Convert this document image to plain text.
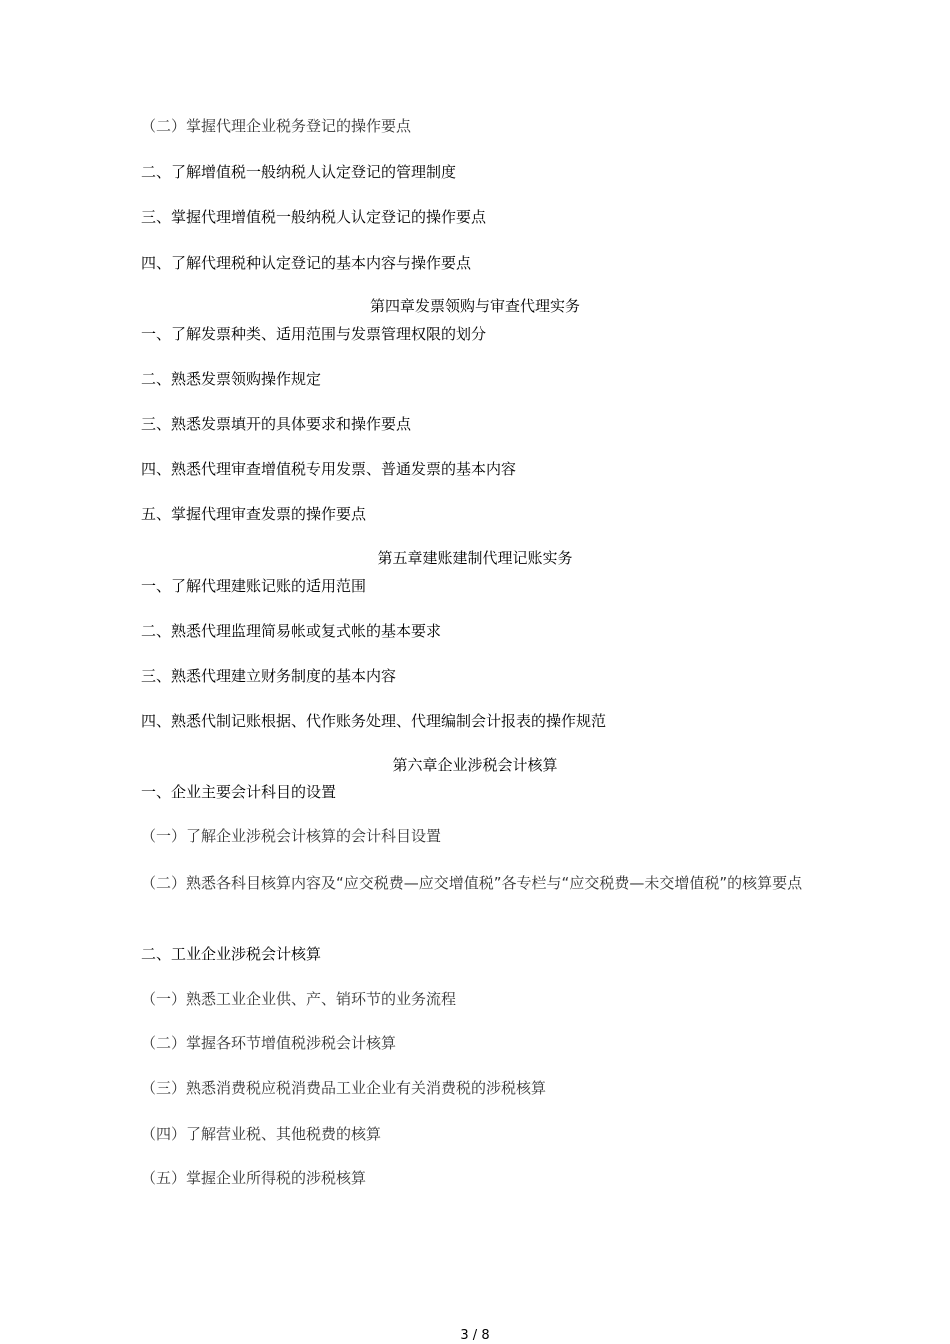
（二）掌握代理企业税务登记的操作要点
二、了解增值税一般纳税人认定登记的管理制度
三、掌握代理增值税一般纳税人认定登记的操作要点
四、了解代理税种认定登记的基本内容与操作要点
第四章发票领购与审查代理实务
一、了解发票种类、适用范围与发票管理权限的划分
二、熟悉发票领购操作规定
三、熟悉发票填开的具体要求和操作要点
四、熟悉代理审查增值税专用发票、普通发票的基本内容
五、掌握代理审查发票的操作要点
第五章建账建制代理记账实务
一、了解代理建账记账的适用范围
二、熟悉代理监理简易帐或复式帐的基本要求
三、熟悉代理建立财务制度的基本内容
四、熟悉代制记账根据、代作账务处理、代理编制会计报表的操作规范
第六章企业涉税会计核算
一、企业主要会计科目的设置
（一）了解企业涉税会计核算的会计科目设置
（二）熟悉各科目核算内容及“应交税费—应交增值税”各专栏与“应交税费—未交增值税”的核算要点
二、工业企业涉税会计核算
（一）熟悉工业企业供、产、销环节的业务流程
（二）掌握各环节增值税涉税会计核算
（三）熟悉消费税应税消费品工业企业有关消费税的涉税核算
（四）了解营业税、其他税费的核算
（五）掌握企业所得税的涉税核算
3 / 8
